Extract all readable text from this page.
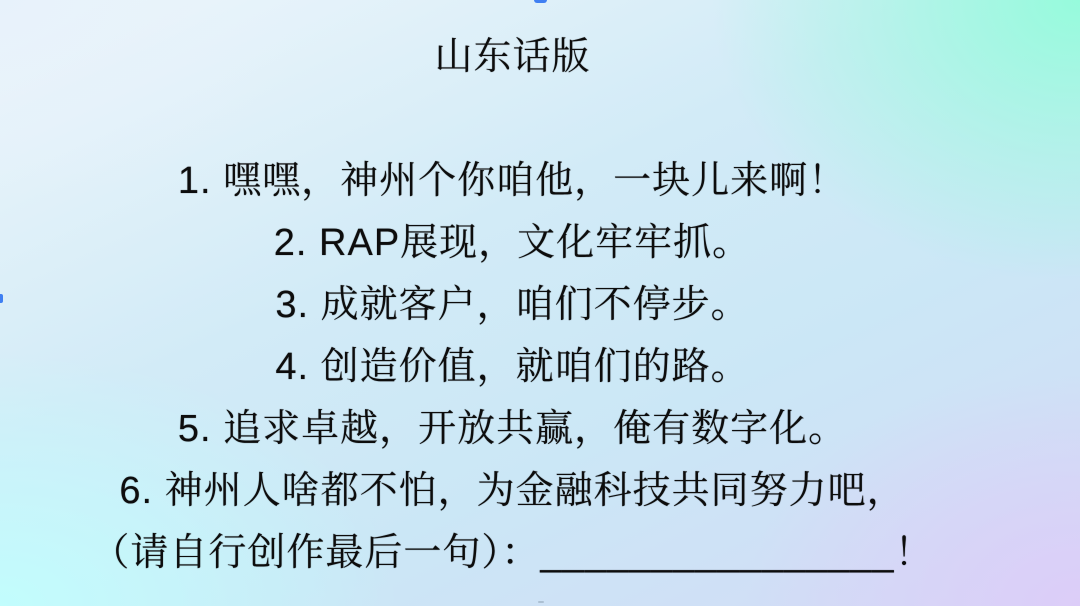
山东话版
1. 嘿嘿，神州个你咱他，一块儿来啊！
2. RAP展现，文化牢牢抓。
3. 成就客户，咱们不停步。
4. 创造价值，就咱们的路。
5. 追求卓越，开放共赢，俺有数字化。
6. 神州人啥都不怕，为金融科技共同努力吧，
（请自行创作最后一句）：________________！
